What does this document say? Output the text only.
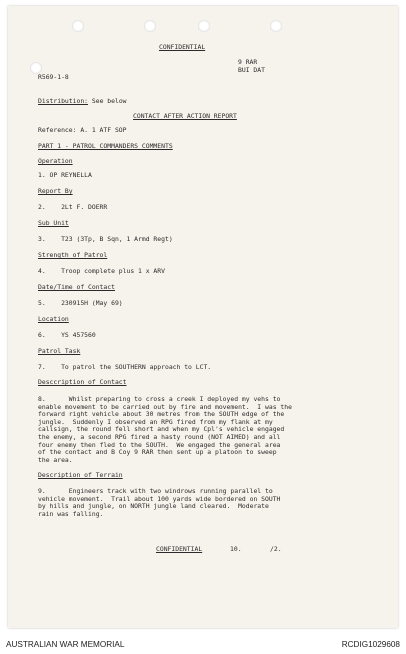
CONFIDENTIAL
9 RAR
BUI DAT
R569-1-8
Distribution: See below
CONTACT AFTER ACTION REPORT
Reference: A. 1 ATF SOP
PART 1 - PATROL COMMANDERS COMMENTS
Operation
1. OP REYNELLA
Report By
2.    2Lt F. DOERR
Sub Unit
3.    T23 (3Tp, B Sqn, 1 Armd Regt)
Strength of Patrol
4.    Troop complete plus 1 x ARV
Date/Time of Contact
5.    230915H (May 69)
Location
6.    YS 457560
Patrol Task
7.    To patrol the SOUTHERN approach to LCT.
Desccription of Contact
8.      Whilst preparing to cross a creek I deployed my vehs to
enable movement to be carried out by fire and movement.  I was the
forward right vehicle about 30 metres from the SOUTH edge of the
jungle.  Suddenly I observed an RPG fired from my flank at my
callsign, the round fell short and when my Cpl's vehicle engaged
the enemy, a second RPG fired a hasty round (NOT AIMED) and all
four enemy then fled to the SOUTH.  We engaged the general area
of the contact and B Coy 9 RAR then sent up a platoon to sweep
the area.
Description of Terrain
9.      Engineers track with two windrows running parallel to
vehicle movement.  Trail about 100 yards wide bordered on SOUTH
by hills and jungle, on NORTH jungle land cleared.  Moderate
rain was falling.
CONFIDENTIAL	10.	/2.
AUSTRALIAN WAR MEMORIAL	RCDIG1029608
